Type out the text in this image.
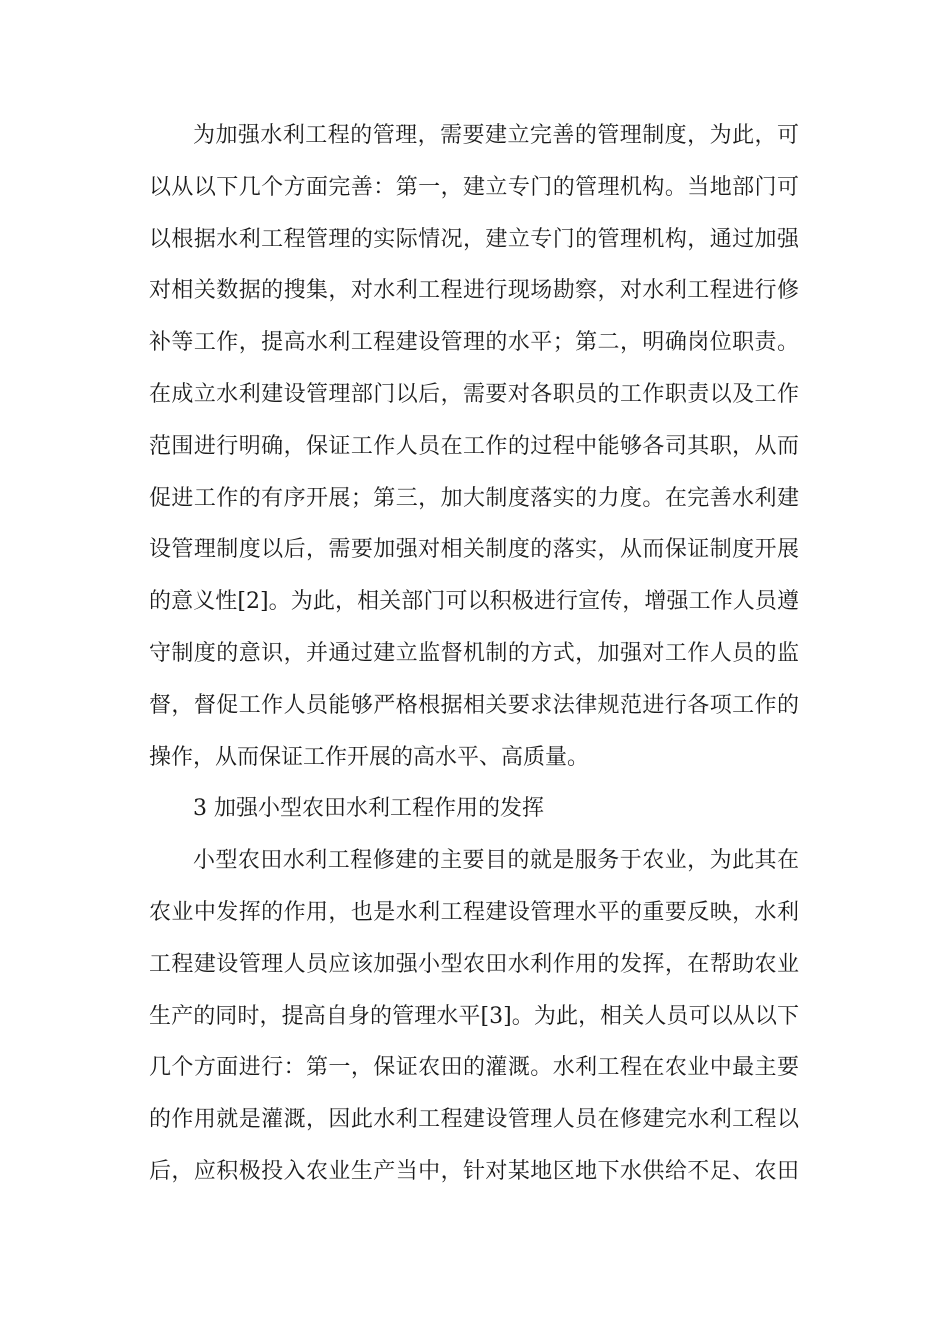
为加强水利工程的管理，需要建立完善的管理制度，为此，可
以从以下几个方面完善：第一，建立专门的管理机构。当地部门可
以根据水利工程管理的实际情况，建立专门的管理机构，通过加强
对相关数据的搜集，对水利工程进行现场勘察，对水利工程进行修
补等工作，提高水利工程建设管理的水平；第二，明确岗位职责。
在成立水利建设管理部门以后，需要对各职员的工作职责以及工作
范围进行明确，保证工作人员在工作的过程中能够各司其职，从而
促进工作的有序开展；第三，加大制度落实的力度。在完善水利建
设管理制度以后，需要加强对相关制度的落实，从而保证制度开展
的意义性[2]。为此，相关部门可以积极进行宣传，增强工作人员遵
守制度的意识，并通过建立监督机制的方式，加强对工作人员的监
督，督促工作人员能够严格根据相关要求法律规范进行各项工作的
操作，从而保证工作开展的高水平、高质量。
3 加强小型农田水利工程作用的发挥
小型农田水利工程修建的主要目的就是服务于农业，为此其在
农业中发挥的作用，也是水利工程建设管理水平的重要反映，水利
工程建设管理人员应该加强小型农田水利作用的发挥，在帮助农业
生产的同时，提高自身的管理水平[3]。为此，相关人员可以从以下
几个方面进行：第一，保证农田的灌溉。水利工程在农业中最主要
的作用就是灌溉，因此水利工程建设管理人员在修建完水利工程以
后，应积极投入农业生产当中，针对某地区地下水供给不足、农田
